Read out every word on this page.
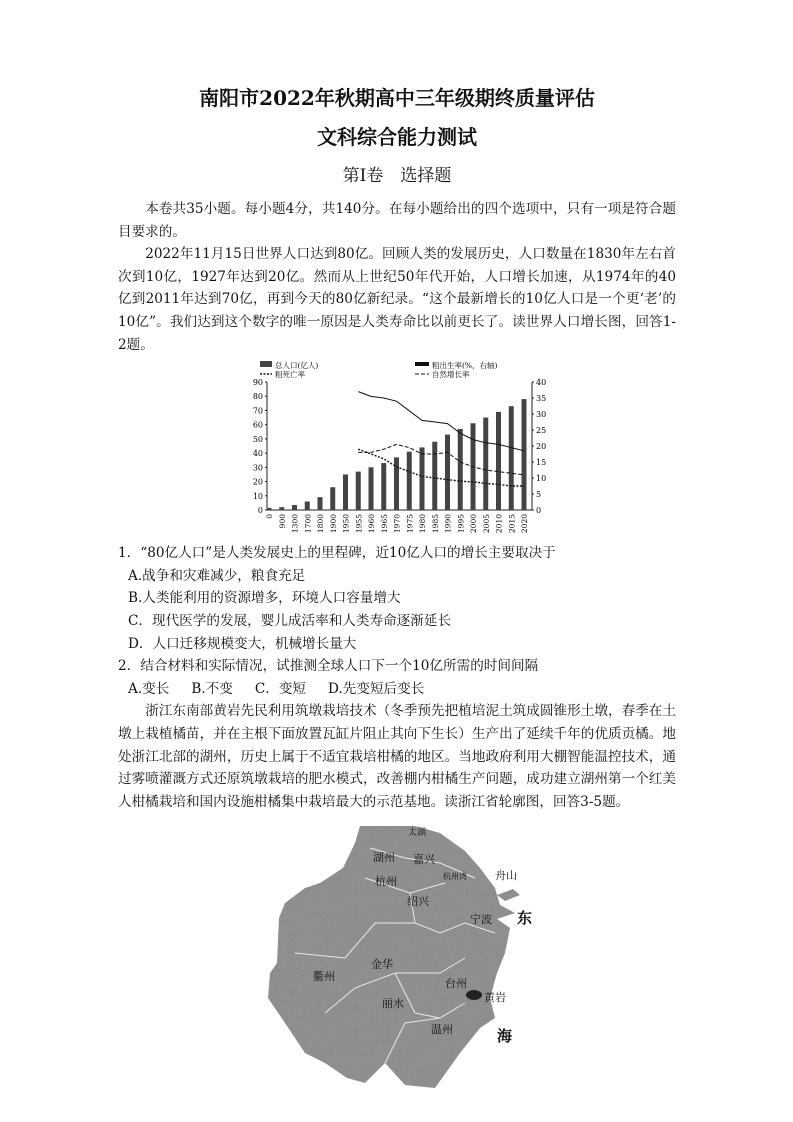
南阳市2022年秋期高中三年级期终质量评估
文科综合能力测试
第I卷　选择题
本卷共35小题。每小题4分，共140分。在每小题给出的四个选项中，只有一项是符合题目要求的。
2022年11月15日世界人口达到80亿。回顾人类的发展历史，人口数量在1830年左右首次到10亿，1927年达到20亿。然而从上世纪50年代开始，人口增长加速，从1974年的40亿到2011年达到70亿，再到今天的80亿新纪录。“这个最新增长的10亿人口是一个更‘老’的10亿”。我们达到这个数字的唯一原因是人类寿命比以前更长了。读世界人口增长图，回答1-2题。
0
10
20
30
40
50
60
70
80
90
0
5
10
15
20
25
30
35
40
0 900 1300 1700 1800 1900 1950 1955 1960 1965 1970 1975 1980 1985 1990 1995 2000 2005 2010 2015 2020
总人口(亿人)
粗死亡率
粗出生率(%，右轴)
自然增长率
1．“80亿人口”是人类发展史上的里程碑，近10亿人口的增长主要取决于
A.战争和灾难减少，粮食充足
B.人类能利用的资源增多，环境人口容量增大
C．现代医学的发展，婴儿成活率和人类寿命逐渐延长
D．人口迁移规模变大，机械增长量大
2．结合材料和实际情况，试推测全球人口下一个10亿所需的时间间隔
A.变长 B.不变 C．变短 D.先变短后变长
浙江东南部黄岩先民利用筑墩栽培技术（冬季预先把植培泥土筑成圆锥形土墩，春季在土墩上栽植橘苗，并在主根下面放置瓦缸片阻止其向下生长）生产出了延续千年的优质贡橘。地处浙江北部的湖州，历史上属于不适宜栽培柑橘的地区。当地政府利用大棚智能温控技术，通过雾喷灌溉方式还原筑墩栽培的肥水模式，改善棚内柑橘生产问题，成功建立湖州第一个红美人柑橘栽培和国内设施柑橘集中栽培最大的示范基地。读浙江省轮廓图，回答3-5题。
太湖
湖州 嘉兴
杭州湾
杭州
绍兴
舟山
宁波 东
衢州
金华
台州
黄岩
丽水
温州	海
